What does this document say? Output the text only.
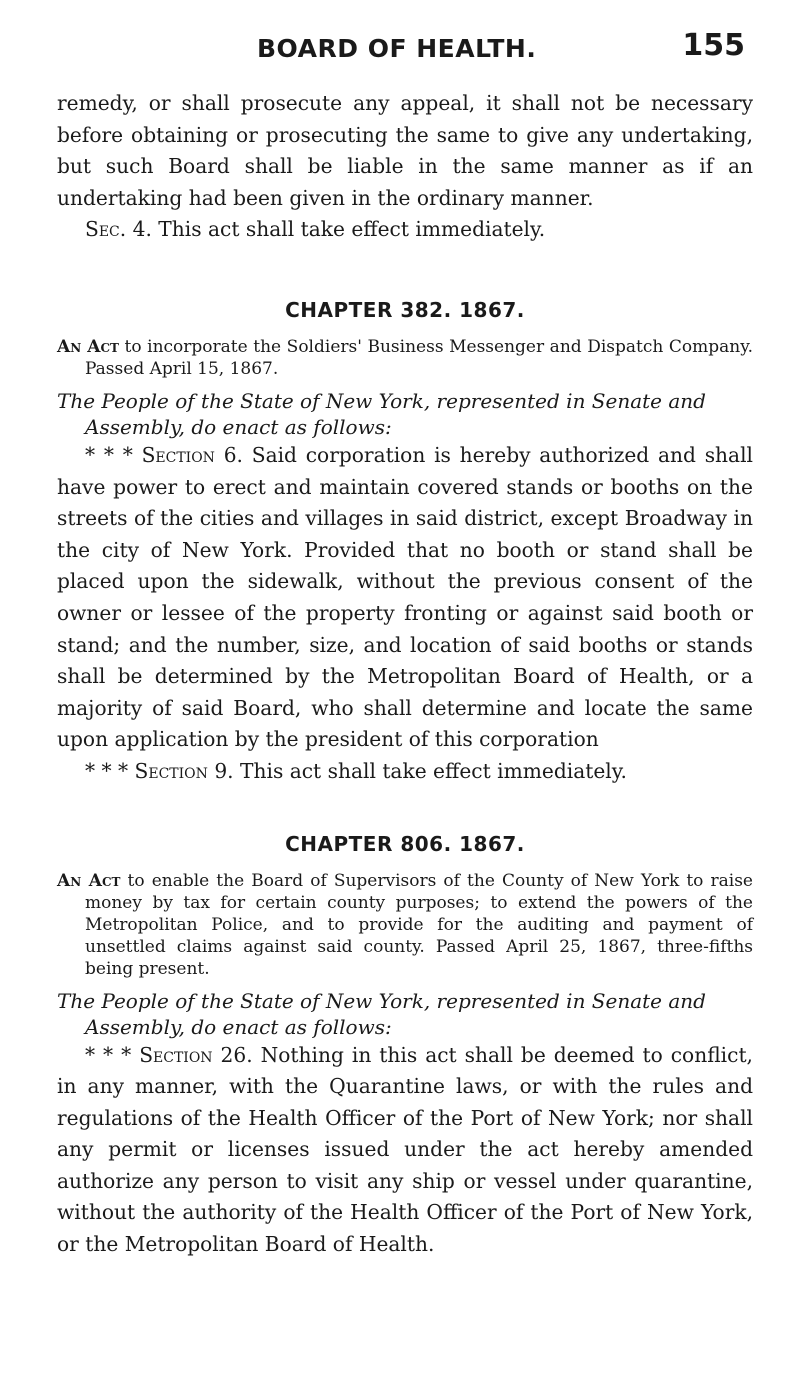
BOARD OF HEALTH.	155

remedy, or shall prosecute any appeal, it shall not be necessary before obtaining or prosecuting the same to give any undertaking, but such Board shall be liable in the same manner as if an undertaking had been given in the ordinary manner.

Sec. 4. This act shall take effect immediately.

CHAPTER 382. 1867.

An Act to incorporate the Soldiers' Business Messenger and Dispatch Company. Passed April 15, 1867.

The People of the State of New York, represented in Senate and Assembly, do enact as follows:

* * * Section 6. Said corporation is hereby authorized and shall have power to erect and maintain covered stands or booths on the streets of the cities and villages in said district, except Broadway in the city of New York. Provided that no booth or stand shall be placed upon the sidewalk, without the previous consent of the owner or lessee of the property fronting or against said booth or stand; and the number, size, and location of said booths or stands shall be determined by the Metropolitan Board of Health, or a majority of said Board, who shall determine and locate the same upon application by the president of this corporation

* * * Section 9. This act shall take effect immediately.

CHAPTER 806. 1867.

An Act to enable the Board of Supervisors of the County of New York to raise money by tax for certain county purposes; to extend the powers of the Metropolitan Police, and to provide for the auditing and payment of unsettled claims against said county. Passed April 25, 1867, three-fifths being present.

The People of the State of New York, represented in Senate and Assembly, do enact as follows:

* * * Section 26. Nothing in this act shall be deemed to conflict, in any manner, with the Quarantine laws, or with the rules and regulations of the Health Officer of the Port of New York; nor shall any permit or licenses issued under the act hereby amended authorize any person to visit any ship or vessel under quarantine, without the authority of the Health Officer of the Port of New York, or the Metropolitan Board of Health.
